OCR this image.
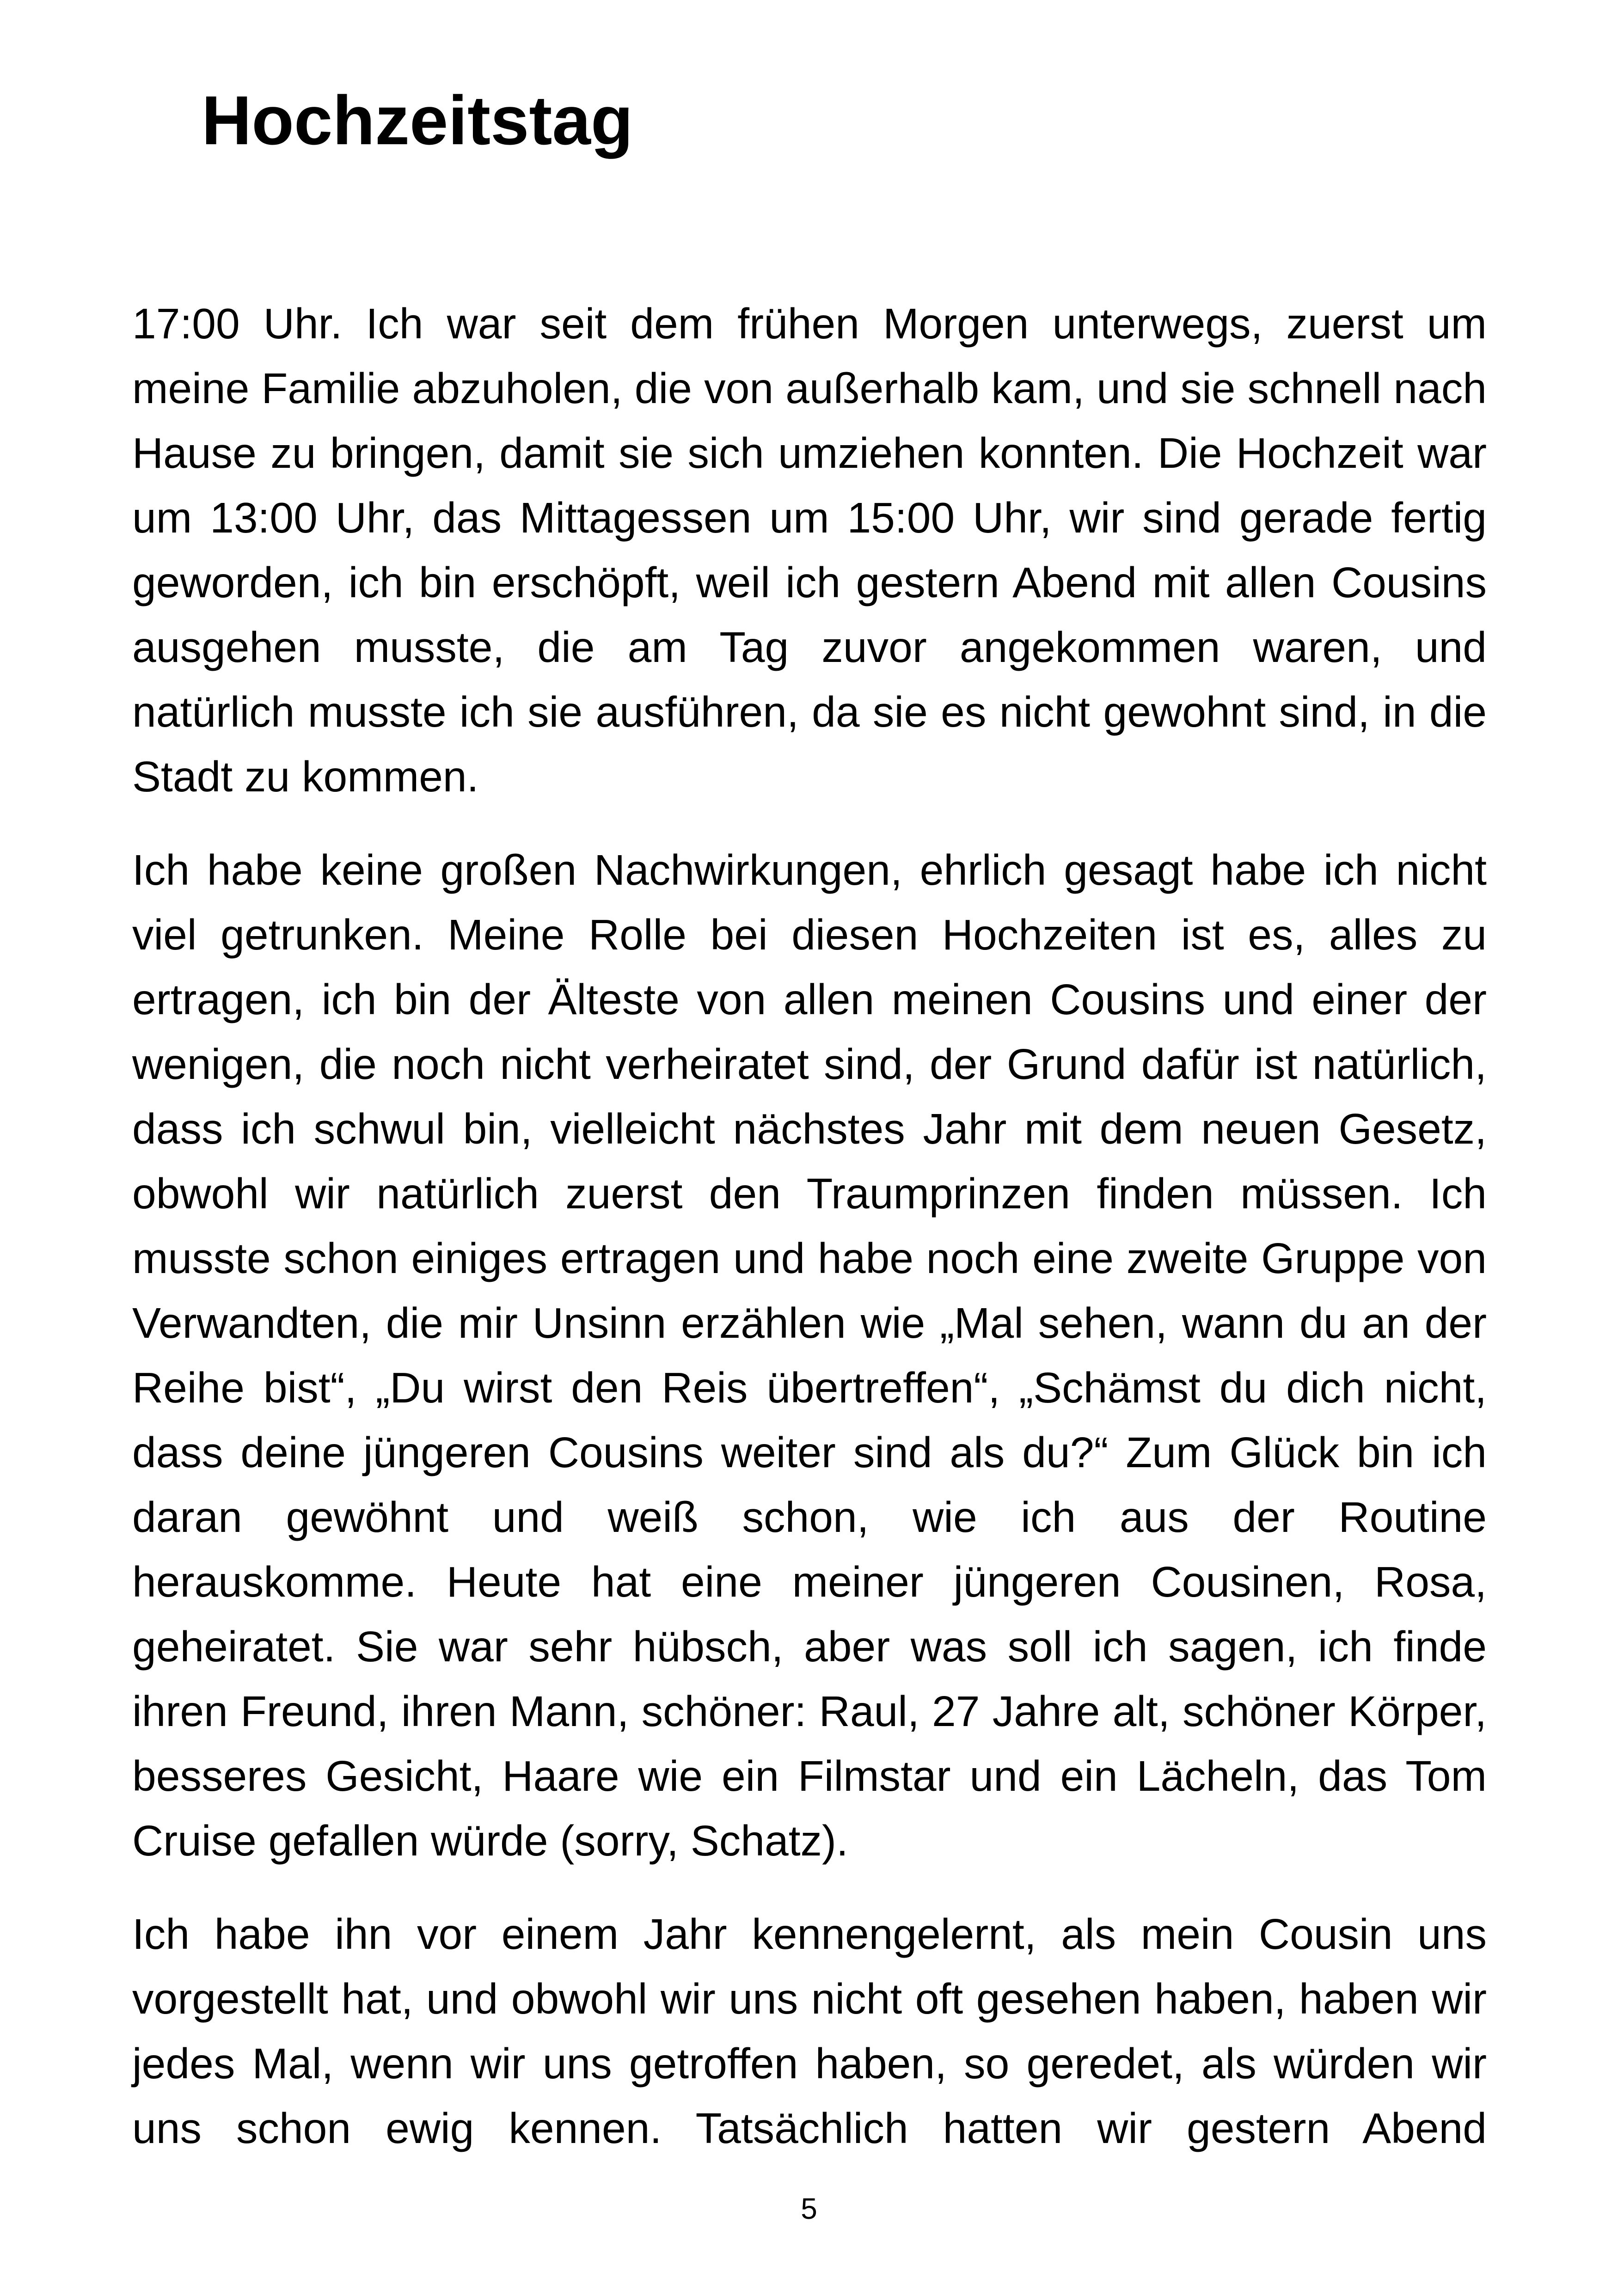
Hochzeitstag

17:00 Uhr. Ich war seit dem frühen Morgen unterwegs, zuerst um meine Familie abzuholen, die von außerhalb kam, und sie schnell nach Hause zu bringen, damit sie sich umziehen konnten. Die Hochzeit war um 13:00 Uhr, das Mittagessen um 15:00 Uhr, wir sind gerade fertig geworden, ich bin erschöpft, weil ich gestern Abend mit allen Cousins ausgehen musste, die am Tag zuvor angekommen waren, und natürlich musste ich sie ausführen, da sie es nicht gewohnt sind, in die Stadt zu kommen.

Ich habe keine großen Nachwirkungen, ehrlich gesagt habe ich nicht viel getrunken. Meine Rolle bei diesen Hochzeiten ist es, alles zu ertragen, ich bin der Älteste von allen meinen Cousins und einer der wenigen, die noch nicht verheiratet sind, der Grund dafür ist natürlich, dass ich schwul bin, vielleicht nächstes Jahr mit dem neuen Gesetz, obwohl wir natürlich zuerst den Traumprinzen finden müssen. Ich musste schon einiges ertragen und habe noch eine zweite Gruppe von Verwandten, die mir Unsinn erzählen wie „Mal sehen, wann du an der Reihe bist“, „Du wirst den Reis übertreffen“, „Schämst du dich nicht, dass deine jüngeren Cousins weiter sind als du?“ Zum Glück bin ich daran gewöhnt und weiß schon, wie ich aus der Routine herauskomme. Heute hat eine meiner jüngeren Cousinen, Rosa, geheiratet. Sie war sehr hübsch, aber was soll ich sagen, ich finde ihren Freund, ihren Mann, schöner: Raul, 27 Jahre alt, schöner Körper, besseres Gesicht, Haare wie ein Filmstar und ein Lächeln, das Tom Cruise gefallen würde (sorry, Schatz).

Ich habe ihn vor einem Jahr kennengelernt, als mein Cousin uns vorgestellt hat, und obwohl wir uns nicht oft gesehen haben, haben wir jedes Mal, wenn wir uns getroffen haben, so geredet, als würden wir uns schon ewig kennen. Tatsächlich hatten wir gestern Abend

5
